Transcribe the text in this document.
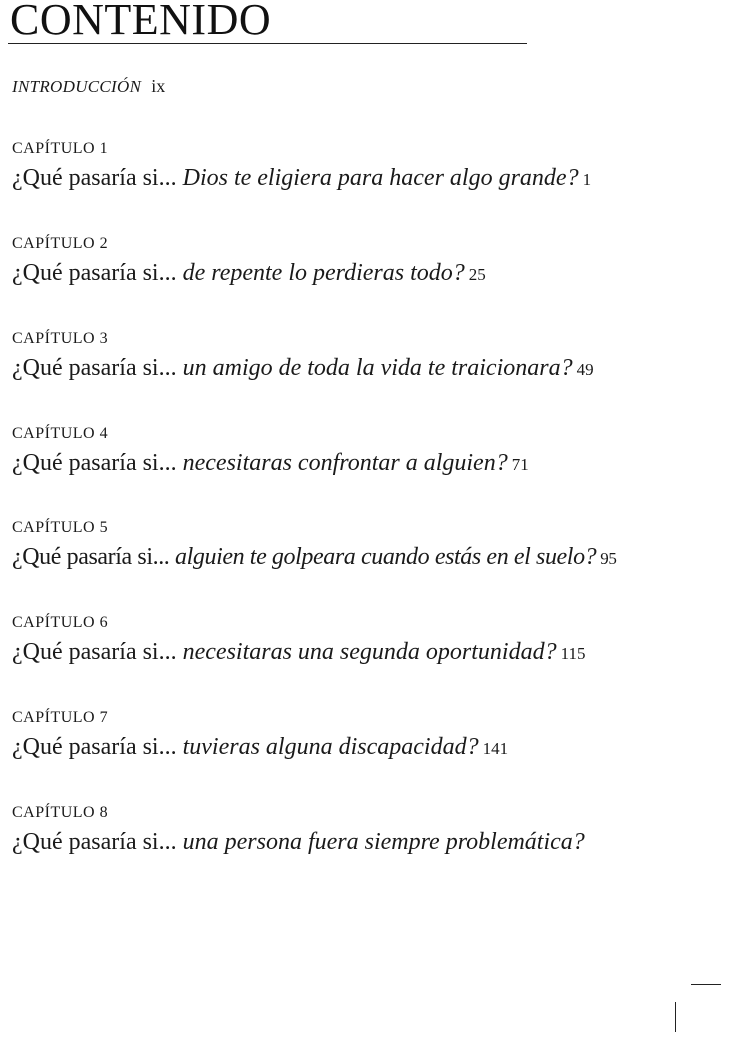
CONTENIDO
INTRODUCCIÓN ix
CAPÍTULO 1
¿Qué pasaría si... Dios te eligiera para hacer algo grande? 1
CAPÍTULO 2
¿Qué pasaría si... de repente lo perdieras todo? 25
CAPÍTULO 3
¿Qué pasaría si... un amigo de toda la vida te traicionara? 49
CAPÍTULO 4
¿Qué pasaría si... necesitaras confrontar a alguien? 71
CAPÍTULO 5
¿Qué pasaría si... alguien te golpeara cuando estás en el suelo? 95
CAPÍTULO 6
¿Qué pasaría si... necesitaras una segunda oportunidad? 115
CAPÍTULO 7
¿Qué pasaría si... tuvieras alguna discapacidad? 141
CAPÍTULO 8
¿Qué pasaría si... una persona fuera siempre problemática?
